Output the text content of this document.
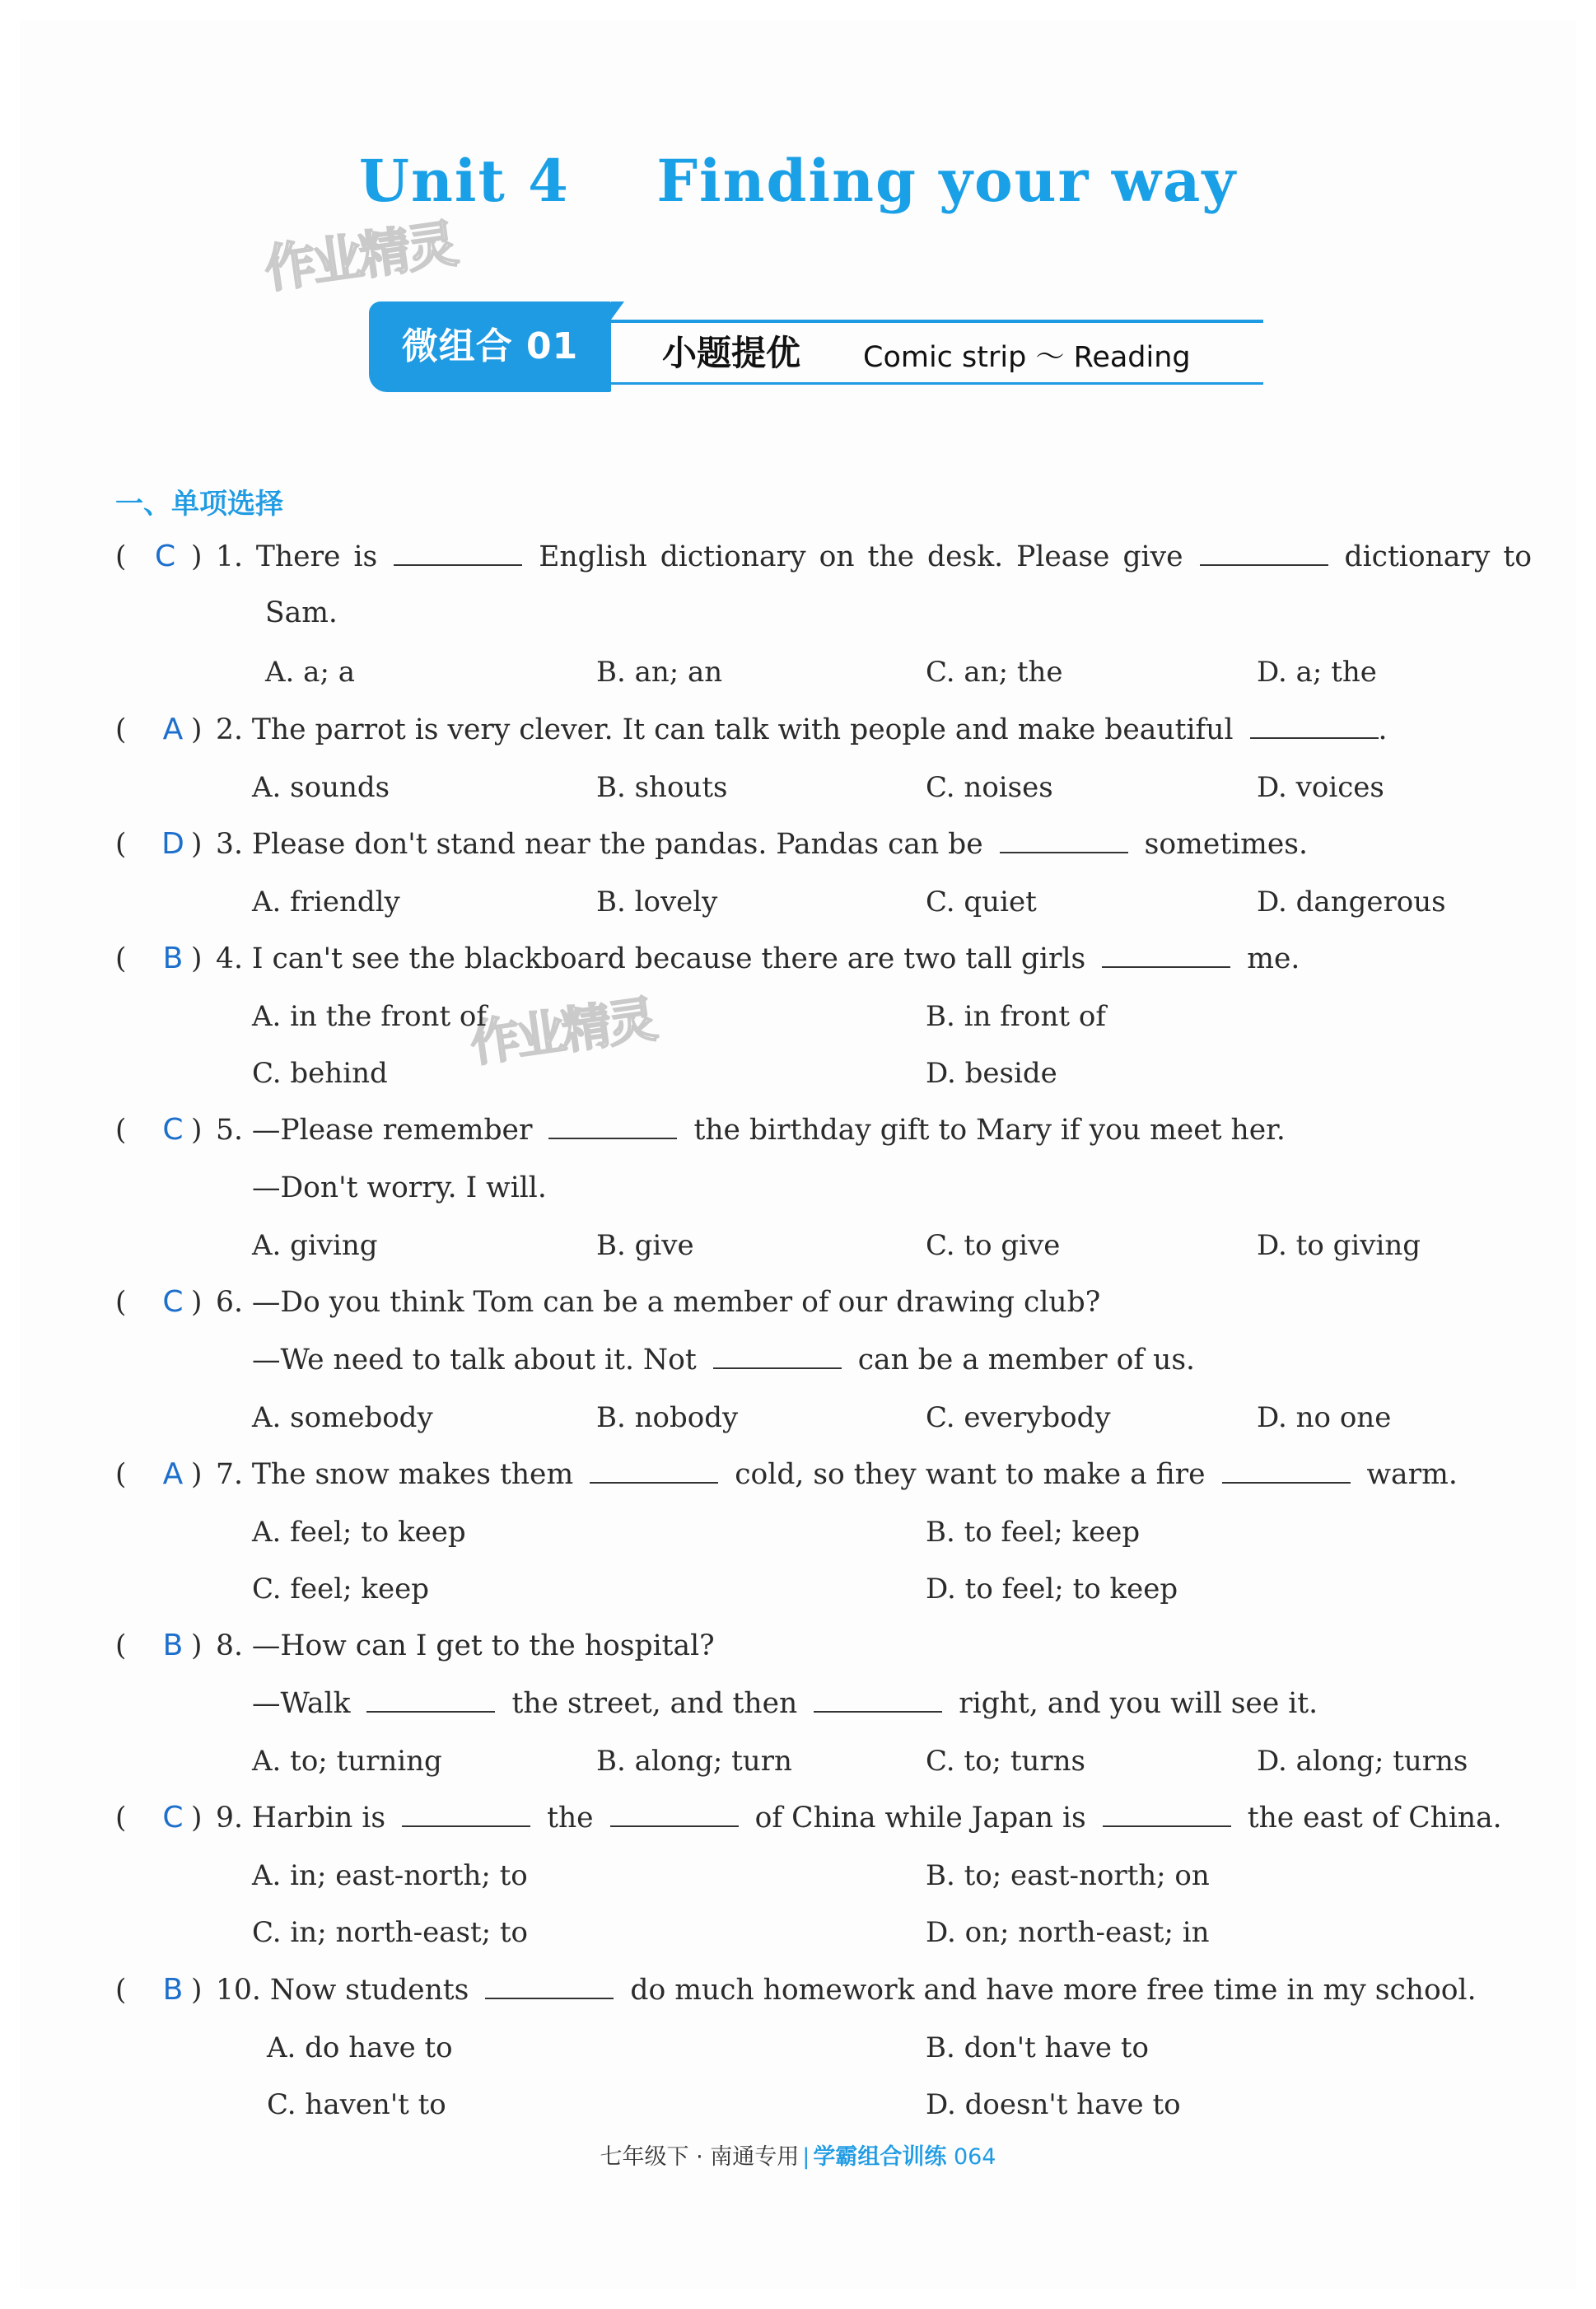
Unit 4    Finding your way
作业精灵
作业精灵
微组合 01	小题提优 Comic strip ～ Reading
一、单项选择
( C ) 1. There is	English dictionary on the desk. Please give	dictionary to
Sam.
A. a; a	B. an; an	C. an; the	D. a; the
( A ) 2. The parrot is very clever. It can talk with people and make beautiful	.
A. sounds	B. shouts	C. noises	D. voices
( D ) 3. Please don't stand near the pandas. Pandas can be	sometimes.
A. friendly	B. lovely	C. quiet	D. dangerous
( B ) 4. I can't see the blackboard because there are two tall girls	me.
A. in the front of	B. in front of
C. behind	D. beside
( C ) 5. —Please remember	the birthday gift to Mary if you meet her.
—Don't worry. I will.
A. giving	B. give	C. to give	D. to giving
( C ) 6. —Do you think Tom can be a member of our drawing club?
—We need to talk about it. Not	can be a member of us.
A. somebody	B. nobody	C. everybody	D. no one
( A ) 7. The snow makes them	cold, so they want to make a fire	warm.
A. feel; to keep	B. to feel; keep
C. feel; keep	D. to feel; to keep
( B ) 8. —How can I get to the hospital?
—Walk	the street, and then	right, and you will see it.
A. to; turning	B. along; turn	C. to; turns	D. along; turns
( C ) 9. Harbin is	the	of China while Japan is	the east of China.
A. in; east-north; to	B. to; east-north; on
C. in; north-east; to	D. on; north-east; in
( B ) 10. Now students	do much homework and have more free time in my school.
A. do have to	B. don't have to
C. haven't to	D. doesn't have to
七年级下 · 南通专用 | 学霸组合训练 064
